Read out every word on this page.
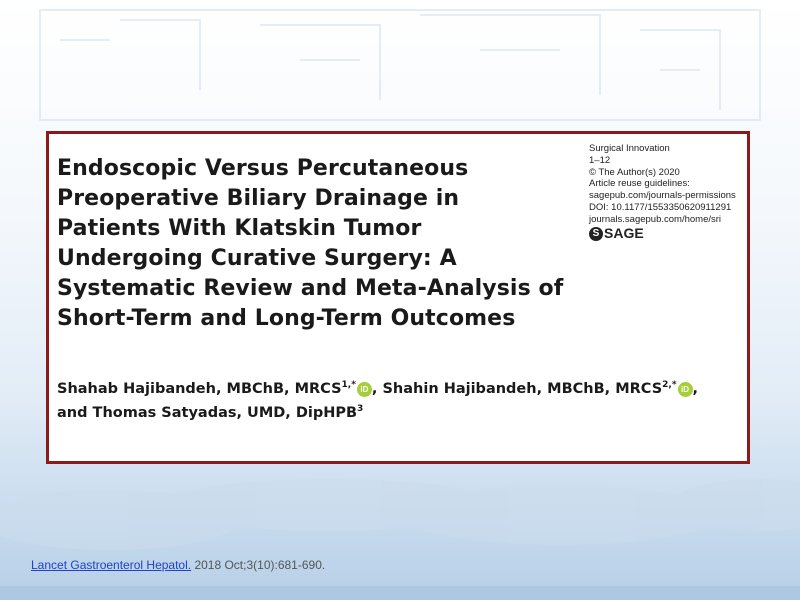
Endoscopic Versus Percutaneous
Preoperative Biliary Drainage in
Patients With Klatskin Tumor
Undergoing Curative Surgery: A
Systematic Review and Meta-Analysis of
Short-Term and Long-Term Outcomes
Surgical Innovation
1–12
© The Author(s) 2020
Article reuse guidelines:
sagepub.com/journals-permissions
DOI: 10.1177/1553350620911291
journals.sagepub.com/home/sri
S SAGE
Shahab Hajibandeh, MBChB, $MRCS^{1,*}$ iD , Shahin Hajibandeh, MBChB, $MRCS^{2,*}$ iD ,
and Thomas Satyadas, UMD, DipHPB$^3$
Lancet Gastroenterol Hepatol. 2018 Oct;3(10):681-690.
